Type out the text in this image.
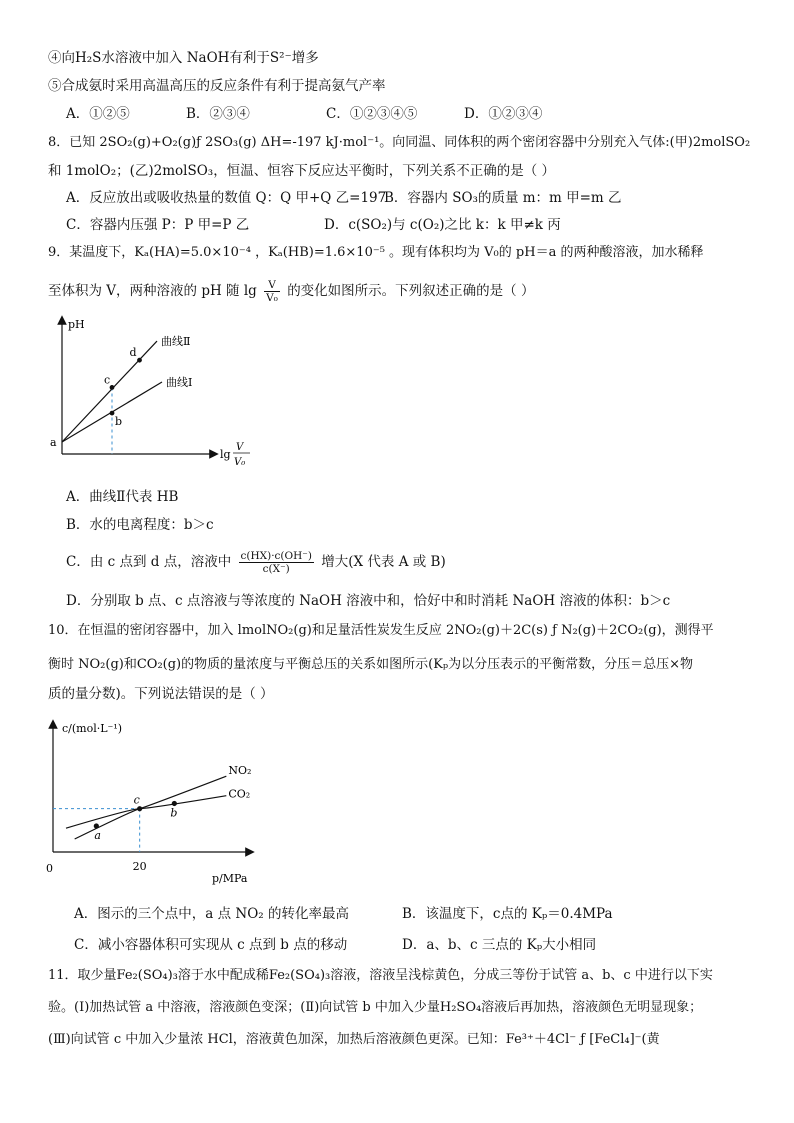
④向H₂S水溶液中加入 NaOH有利于S²⁻增多
⑤合成氨时采用高温高压的反应条件有利于提高氨气产率
A．①②⑤	B．②③④	C．①②③④⑤	D．①②③④
8．已知 2SO₂(g)+O₂(g)ƒ 2SO₃(g) ΔH=-197 kJ·mol⁻¹。向同温、同体积的两个密闭容器中分别充入气体:(甲)2molSO₂
和 1molO₂；(乙)2molSO₃，恒温、恒容下反应达平衡时，下列关系不正确的是（ ）
A．反应放出或吸收热量的数值 Q：Q 甲+Q 乙=197
B．容器内 SO₃的质量 m：m 甲=m 乙
C．容器内压强 P：P 甲=P 乙	D．c(SO₂)与 c(O₂)之比 k：k 甲≠k 丙
9．某温度下，Kₐ(HA)=5.0×10⁻⁴ ，Kₐ(HB)=1.6×10⁻⁵ 。现有体积均为 V₀的 pH＝a 的两种酸溶液，加水稀释
至体积为 V，两种溶液的 pH 随 $\lg \frac{V}{\text{V₀}}$ 的变化如图所示。下列叙述正确的是（ ）
pH
lg
V
V₀
曲线Ⅱ
曲线Ⅰ
a
b
c
d
A．曲线Ⅱ代表 HB
B．水的电离程度：b＞c
C．由 c 点到 d 点，溶液中 $\frac{c(HX)\cdot c(OH^-)}{c(X^-)}$ 增大(X 代表 A 或 B)
D．分别取 b 点、c 点溶液与等浓度的 NaOH 溶液中和，恰好中和时消耗 NaOH 溶液的体积：b＞c
10．在恒温的密闭容器中，加入 lmolNO₂(g)和足量活性炭发生反应 2NO₂(g)＋2C(s) ƒ N₂(g)＋2CO₂(g)，测得平
衡时 NO₂(g)和CO₂(g)的物质的量浓度与平衡总压的关系如图所示(Kₚ为以分压表示的平衡常数，分压＝总压×物
质的量分数)。下列说法错误的是（ ）
c/(mol·L⁻¹)
p/MPa
0
NO₂
CO₂
20
a
b
c
A．图示的三个点中，a 点 NO₂ 的转化率最高	B．该温度下，c点的 Kₚ＝0.4MPa
C．减小容器体积可实现从 c 点到 b 点的移动	D．a、b、c 三点的 Kₚ大小相同
11．取少量Fe₂(SO₄)₃溶于水中配成稀Fe₂(SO₄)₃溶液，溶液呈浅棕黄色，分成三等份于试管 a、b、c 中进行以下实
验。(Ⅰ)加热试管 a 中溶液，溶液颜色变深；(Ⅱ)向试管 b 中加入少量H₂SO₄溶液后再加热，溶液颜色无明显现象；
(Ⅲ)向试管 c 中加入少量浓 HCl，溶液黄色加深，加热后溶液颜色更深。已知：Fe³⁺＋4Cl⁻ ƒ [FeCl₄]⁻(黄
